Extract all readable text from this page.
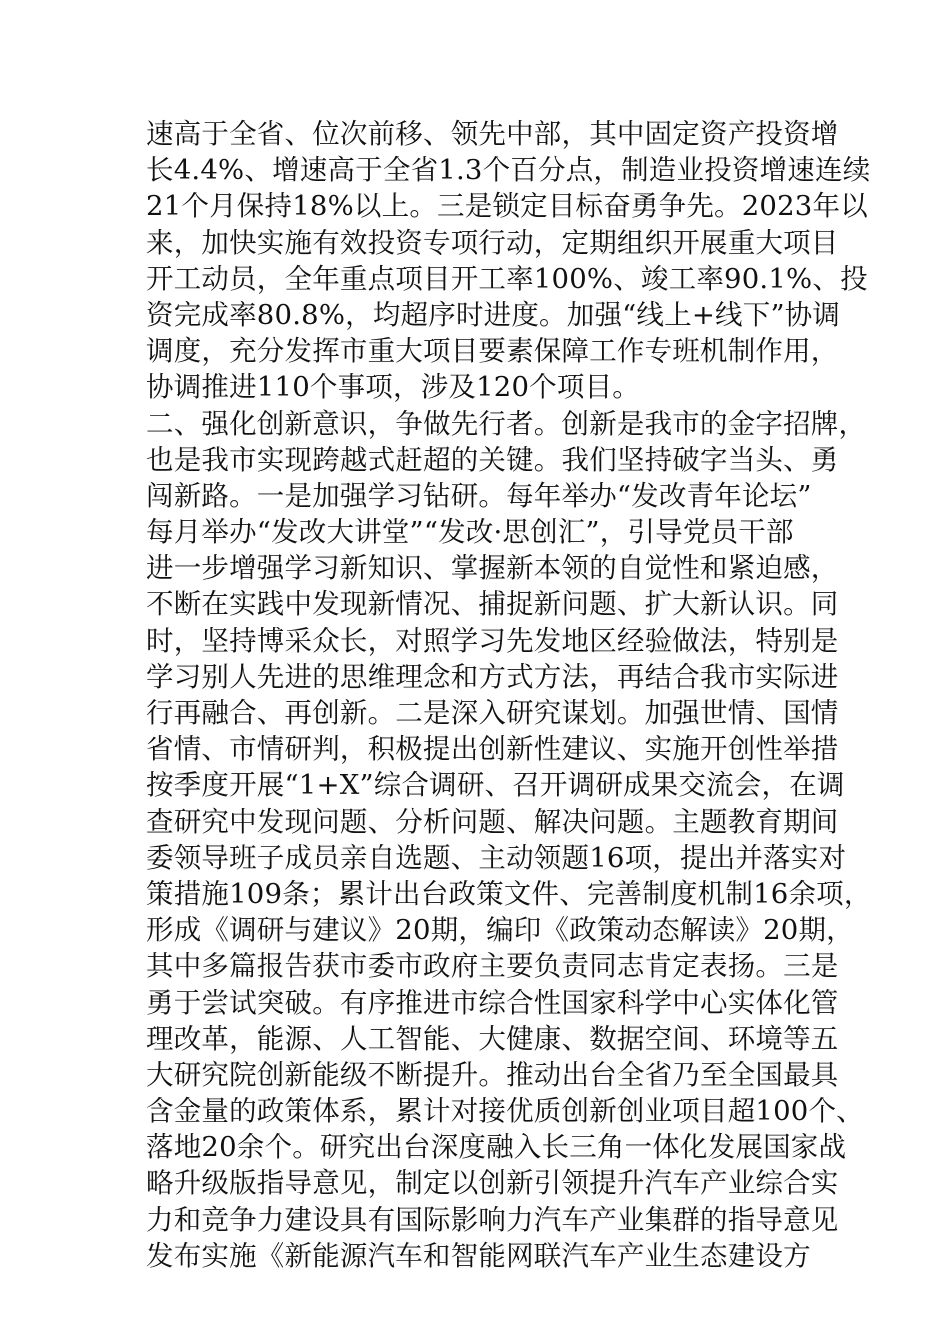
速高于全省、位次前移、领先中部，其中固定资产投资增
长4.4%、增速高于全省1.3个百分点，制造业投资增速连续
21个月保持18%以上。三是锁定目标奋勇争先。2023年以
来，加快实施有效投资专项行动，定期组织开展重大项目
开工动员，全年重点项目开工率100%、竣工率90.1%、投
资完成率80.8%，均超序时进度。加强“线上+线下”协调
调度，充分发挥市重大项目要素保障工作专班机制作用，
协调推进110个事项，涉及120个项目。
二、强化创新意识，争做先行者。创新是我市的金字招牌，
也是我市实现跨越式赶超的关键。我们坚持破字当头、勇
闯新路。一是加强学习钻研。每年举办“发改青年论坛”
每月举办“发改大讲堂”“发改·思创汇”，引导党员干部
进一步增强学习新知识、掌握新本领的自觉性和紧迫感，
不断在实践中发现新情况、捕捉新问题、扩大新认识。同
时，坚持博采众长，对照学习先发地区经验做法，特别是
学习别人先进的思维理念和方式方法，再结合我市实际进
行再融合、再创新。二是深入研究谋划。加强世情、国情
省情、市情研判，积极提出创新性建议、实施开创性举措
按季度开展“1+X”综合调研、召开调研成果交流会，在调
查研究中发现问题、分析问题、解决问题。主题教育期间
委领导班子成员亲自选题、主动领题16项，提出并落实对
策措施109条；累计出台政策文件、完善制度机制16余项，
形成《调研与建议》20期，编印《政策动态解读》20期，
其中多篇报告获市委市政府主要负责同志肯定表扬。三是
勇于尝试突破。有序推进市综合性国家科学中心实体化管
理改革，能源、人工智能、大健康、数据空间、环境等五
大研究院创新能级不断提升。推动出台全省乃至全国最具
含金量的政策体系，累计对接优质创新创业项目超100个、
落地20余个。研究出台深度融入长三角一体化发展国家战
略升级版指导意见，制定以创新引领提升汽车产业综合实
力和竞争力建设具有国际影响力汽车产业集群的指导意见
发布实施《新能源汽车和智能网联汽车产业生态建设方
